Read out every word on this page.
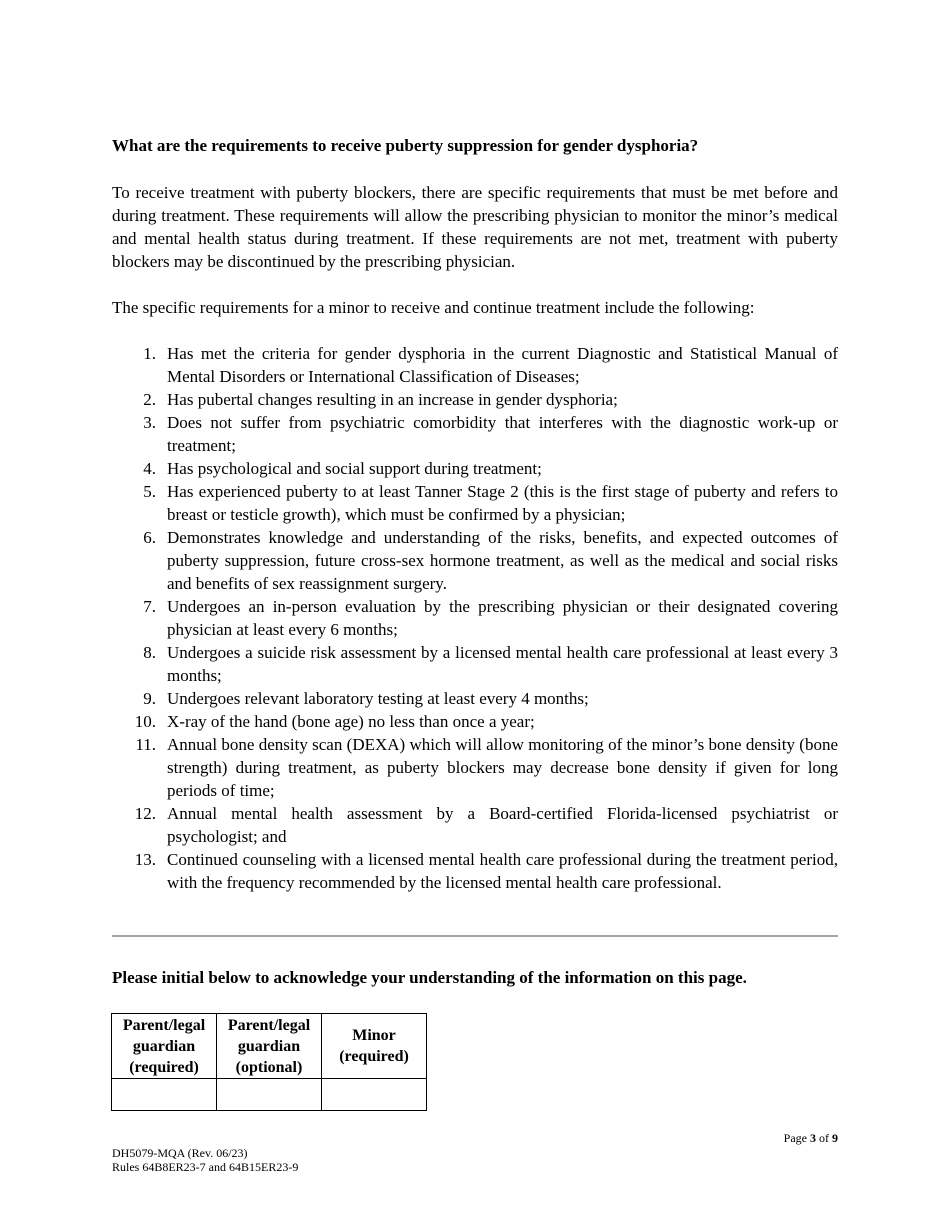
What are the requirements to receive puberty suppression for gender dysphoria?

To receive treatment with puberty blockers, there are specific requirements that must be met before and during treatment. These requirements will allow the prescribing physician to monitor the minor’s medical and mental health status during treatment. If these requirements are not met, treatment with puberty blockers may be discontinued by the prescribing physician.

The specific requirements for a minor to receive and continue treatment include the following:

1. Has met the criteria for gender dysphoria in the current Diagnostic and Statistical Manual of Mental Disorders or International Classification of Diseases;
2. Has pubertal changes resulting in an increase in gender dysphoria;
3. Does not suffer from psychiatric comorbidity that interferes with the diagnostic work-up or treatment;
4. Has psychological and social support during treatment;
5. Has experienced puberty to at least Tanner Stage 2 (this is the first stage of puberty and refers to breast or testicle growth), which must be confirmed by a physician;
6. Demonstrates knowledge and understanding of the risks, benefits, and expected outcomes of puberty suppression, future cross-sex hormone treatment, as well as the medical and social risks and benefits of sex reassignment surgery.
7. Undergoes an in-person evaluation by the prescribing physician or their designated covering physician at least every 6 months;
8. Undergoes a suicide risk assessment by a licensed mental health care professional at least every 3 months;
9. Undergoes relevant laboratory testing at least every 4 months;
10. X-ray of the hand (bone age) no less than once a year;
11. Annual bone density scan (DEXA) which will allow monitoring of the minor’s bone density (bone strength) during treatment, as puberty blockers may decrease bone density if given for long periods of time;
12. Annual mental health assessment by a Board-certified Florida-licensed psychiatrist or psychologist; and
13. Continued counseling with a licensed mental health care professional during the treatment period, with the frequency recommended by the licensed mental health care professional.

Please initial below to acknowledge your understanding of the information on this page.

Parent/legal guardian (required)	Parent/legal guardian (optional)	Minor (required)

Page 3 of 9
DH5079-MQA (Rev. 06/23)
Rules 64B8ER23-7 and 64B15ER23-9
